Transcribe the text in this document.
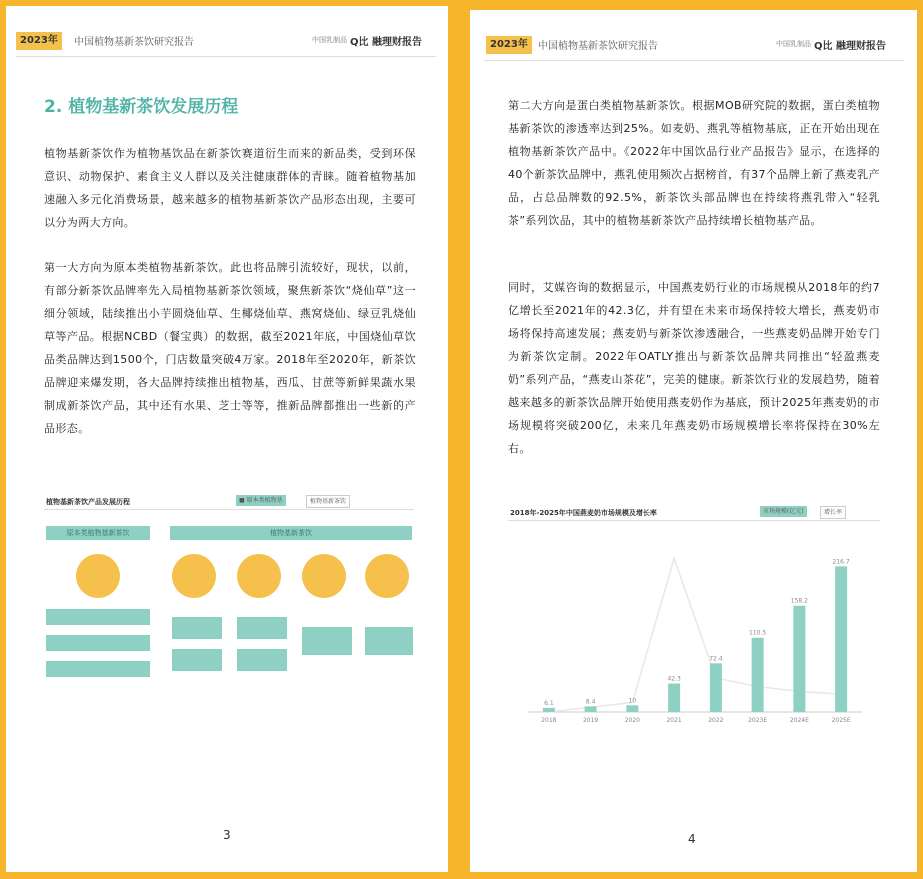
2023年	中国植物基新茶饮研究报告	中国乳制品 Q比 融理财报告
2. 植物基新茶饮发展历程
植物基新茶饮作为植物基饮品在新茶饮赛道衍生而来的新品类，受到环保意识、动物保护、素食主义人群以及关注健康群体的青睐。随着植物基加速融入多元化消费场景，越来越多的植物基新茶饮产品形态出现，主要可以分为两大方向。
第一大方向为原本类植物基新茶饮。此也将品牌引流较好，现状，以前，有部分新茶饮品牌率先入局植物基新茶饮领域，聚焦新茶饮“烧仙草”这一细分领域，陆续推出小芋圆烧仙草、生椰烧仙草、燕窝烧仙、绿豆乳烧仙草等产品。根据NCBD（餐宝典）的数据，截至2021年底，中国烧仙草饮品类品牌达到1500个，门店数量突破4万家。2018年至2020年，新茶饮品牌迎来爆发期，各大品牌持续推出植物基，西瓜、甘蔗等新鲜果蔬水果制成新茶饮产品，其中还有水果、芝士等等，推新品牌都推出一些新的产品形态。
植物基新茶饮产品发展历程	■ 原本类植物基	植物基新茶饮
原本类植物基新茶饮	植物基新茶饮
3
2023年	中国植物基新茶饮研究报告	中国乳制品 Q比 融理财报告
第二大方向是蛋白类植物基新茶饮。根据MOB研究院的数据，蛋白类植物基新茶饮的渗透率达到25%。如麦奶、燕乳等植物基底，正在开始出现在植物基新茶饮产品中。《2022年中国饮品行业产品报告》显示，在选择的40个新茶饮品牌中，燕乳使用频次占据榜首，有37个品牌上新了燕麦乳产品，占总品牌数的92.5%，新茶饮头部品牌也在持续将燕乳带入“轻乳茶”系列饮品，其中的植物基新茶饮产品持续增长植物基产品。
同时，艾媒咨询的数据显示，中国燕麦奶行业的市场规模从2018年的约7亿增长至2021年的42.3亿，并有望在未来市场保持较大增长，燕麦奶市场将保持高速发展；燕麦奶与新茶饮渗透融合，一些燕麦奶品牌开始专门为新茶饮定制。2022年OATLY推出与新茶饮品牌共同推出“轻盈燕麦奶”系列产品，“燕麦山茶花”，完美的健康。新茶饮行业的发展趋势，随着越来越多的新茶饮品牌开始使用燕麦奶作为基底，预计2025年燕麦奶的市场规模将突破200亿，未来几年燕麦奶市场规模增长率将保持在30%左右。
2018年-2025年中国燕麦奶市场规模及增长率	市场规模(亿元)	增长率
6.1
2018
8.4
2019
10
2020
42.3
2021
72.4
2022
110.5
2023E
158.2
2024E
216.7
2025E
4
